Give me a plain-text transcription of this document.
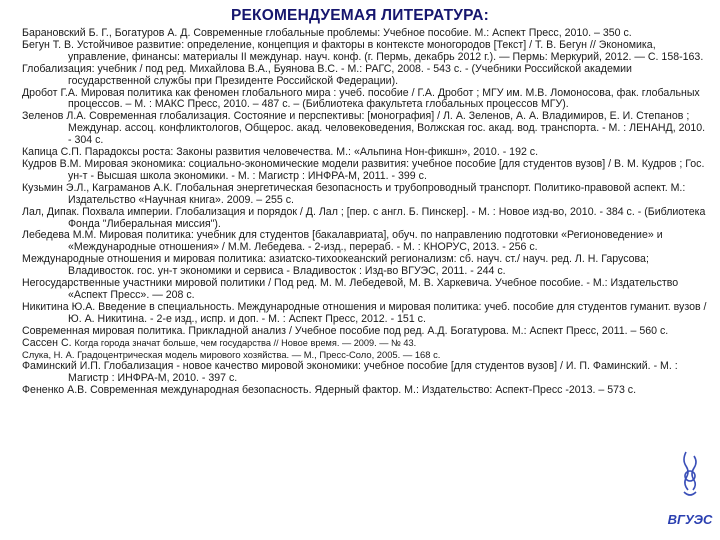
РЕКОМЕНДУЕМАЯ ЛИТЕРАТУРА:

Барановский Б. Г., Богатуров А. Д. Современные глобальные проблемы: Учебное пособие. М.: Аспект Пресс, 2010. – 350 с.

Бегун Т. В. Устойчивое развитие: определение, концепция и факторы в контексте моногородов [Текст] / Т. В. Бегун // Экономика, управление, финансы: материалы II междунар. науч. конф. (г. Пермь, декабрь 2012 г.). — Пермь: Меркурий, 2012. — С. 158-163.

Глобализация: учебник / под ред. Михайлова В.А., Буянова В.С. - М.: РАГС, 2008. - 543 с. - (Учебники Российской академии государственной службы при Президенте Российской Федерации).

Дробот Г.А. Мировая политика как феномен глобального мира : учеб. пособие / Г.А. Дробот ; МГУ им. М.В. Ломоносова, фак. глобальных процессов. – М. : МАКС Пресс, 2010. – 487 с. – (Библиотека факультета глобальных процессов МГУ).

Зеленов Л.А. Современная глобализация. Состояние и перспективы: [монография] / Л. А. Зеленов, А. А. Владимиров, Е. И. Степанов ; Междунар. ассоц. конфликтологов, Общерос. акад. человековедения, Волжская гос. акад. вод. транспорта. - М. : ЛЕНАНД, 2010. - 304 с.

Капица С.П. Парадоксы роста: Законы развития человечества. М.: «Альпина Нон-фикшн», 2010. - 192 с.

Кудров В.М. Мировая экономика: социально-экономические модели развития: учебное пособие [для студентов вузов] / В. М. Кудров ; Гос. ун-т - Высшая школа экономики. - М. : Магистр : ИНФРА-М, 2011. - 399 с.

Кузьмин Э.Л., Каграманов А.К. Глобальная энергетическая безопасность и трубопроводный транспорт. Политико-правовой аспект. М.: Издательство «Научная книга». 2009. – 255 с.

Лал, Дипак. Похвала империи. Глобализация и порядок / Д. Лал ; [пер. с англ. Б. Пинскер]. - М. : Новое изд-во, 2010. - 384 с. - (Библиотека Фонда "Либеральная миссия").

Лебедева М.М. Мировая политика: учебник для студентов [бакалавриата], обуч. по направлению подготовки «Регионоведение» и «Международные отношения» / М.М. Лебедева. - 2-изд., перераб. - М. : КНОРУС, 2013. - 256 с.

Международные отношения и мировая политика: азиатско-тихоокеанский регионализм: сб. науч. ст./ науч. ред. Л. Н. Гарусова; Владивосток. гос. ун-т экономики и сервиса - Владивосток : Изд-во ВГУЭС, 2011. - 244 с.

Негосударственные участники мировой политики / Под ред. М. М. Лебедевой, М. В. Харкевича. Учебное пособие. - М.: Издательство «Аспект Пресс». — 208 с.

Никитина Ю.А. Введение в специальность. Международные отношения и мировая политика: учеб. пособие для студентов гуманит. вузов / Ю. А. Никитина. - 2-е изд., испр. и доп. - М. : Аспект Пресс, 2012. - 151 с.

Современная мировая политика. Прикладной анализ / Учебное пособие под ред. А.Д. Богатурова. М.: Аспект Пресс, 2011. – 560 с.

Сассен С. Когда города значат больше, чем государства // Новое время. — 2009. — № 43.

Слука, Н. А. Градоцентрическая модель мирового хозяйства. — М., Пресс-Соло, 2005. — 168 с.

Фаминский И.П. Глобализация - новое качество мировой экономики: учебное пособие [для студентов вузов] / И. П. Фаминский. - М. : Магистр : ИНФРА-М, 2010. - 397 с.

Фененко А.В. Современная международная безопасность. Ядерный фактор. М.: Издательство: Аспект-Пресс -2013. – 573 с.

ВГУЭС
